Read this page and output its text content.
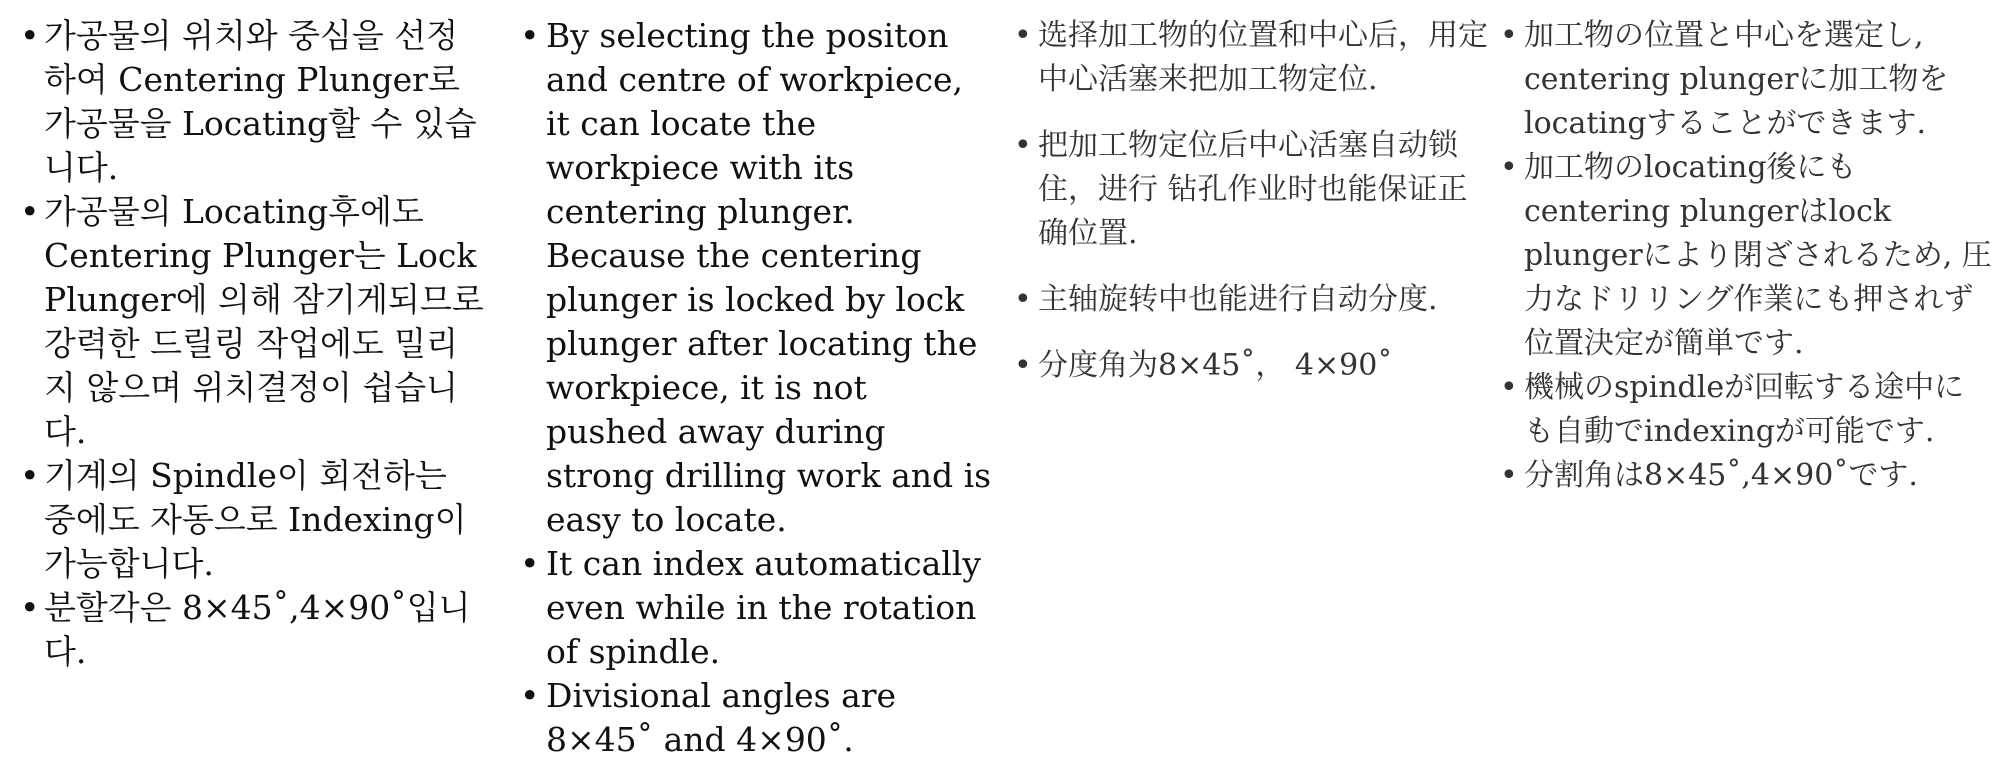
• 가공물의 위치와 중심을 선정하여 Centering Plunger로 가공물을 Locating할 수 있습니다.
• 가공물의 Locating후에도 Centering Plunger는 Lock Plunger에 의해 잠기게되므로 강력한 드릴링 작업에도 밀리지 않으며 위치결정이 쉽습니다.
• 기계의 Spindle이 회전하는 중에도 자동으로 Indexing이 가능합니다.
• 분할각은 8×45˚,4×90˚입니다.
• By selecting the positon and centre of workpiece, it can locate the workpiece with its centering plunger. Because the centering plunger is locked by lock plunger after locating the workpiece, it is not pushed away during strong drilling work and is easy to locate.
• It can index automatically even while in the rotation of spindle.
• Divisional angles are 8×45˚ and 4×90˚.
• 选择加工物的位置和中心后，用定中心活塞来把加工物定位.
• 把加工物定位后中心活塞自动锁住，进行 钻孔作业时也能保证正确位置.
• 主轴旋转中也能进行自动分度.
• 分度角为8×45˚， 4×90˚
• 加工物の位置と中心を選定し, centering plungerに加工物をlocatingすることができます.
• 加工物のlocating後にもcentering plungerはlock plungerにより閉ざされるため, 圧力なドリリング作業にも押されず位置決定が簡単です.
• 機械のspindleが回転する途中にも自動でindexingが可能です.
• 分割角は8×45˚,4×90˚です.
